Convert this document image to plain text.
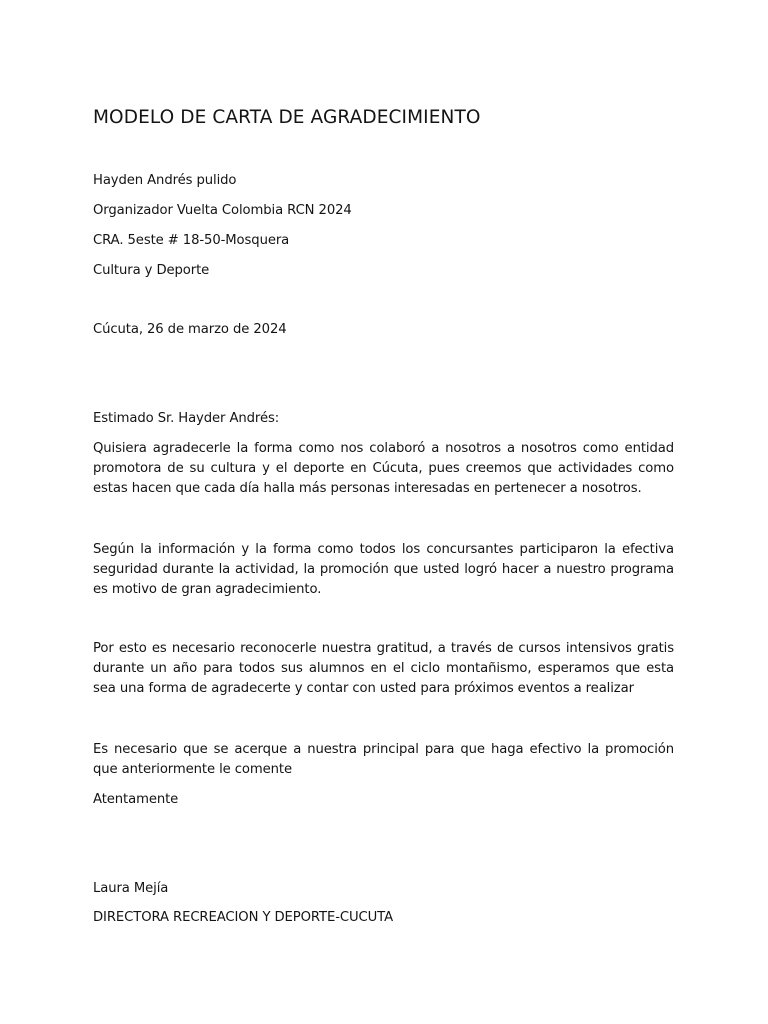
MODELO DE CARTA DE AGRADECIMIENTO

Hayden Andrés pulido

Organizador Vuelta Colombia RCN 2024

CRA. 5este # 18-50-Mosquera

Cultura y Deporte

Cúcuta, 26 de marzo de 2024

Estimado Sr. Hayder Andrés:

Quisiera agradecerle la forma como nos colaboró a nosotros a nosotros como entidad promotora de su cultura y el deporte en Cúcuta, pues creemos que actividades como estas hacen que cada día halla más personas interesadas en pertenecer a nosotros.

Según la información y la forma como todos los concursantes participaron la efectiva seguridad durante la actividad, la promoción que usted logró hacer a nuestro programa es motivo de gran agradecimiento.

Por esto es necesario reconocerle nuestra gratitud, a través de cursos intensivos gratis durante un año para todos sus alumnos en el ciclo montañismo, esperamos que esta sea una forma de agradecerte y contar con usted para próximos eventos a realizar

Es necesario que se acerque a nuestra principal para que haga efectivo la promoción que anteriormente le comente

Atentamente

Laura Mejía

DIRECTORA RECREACION Y DEPORTE-CUCUTA
